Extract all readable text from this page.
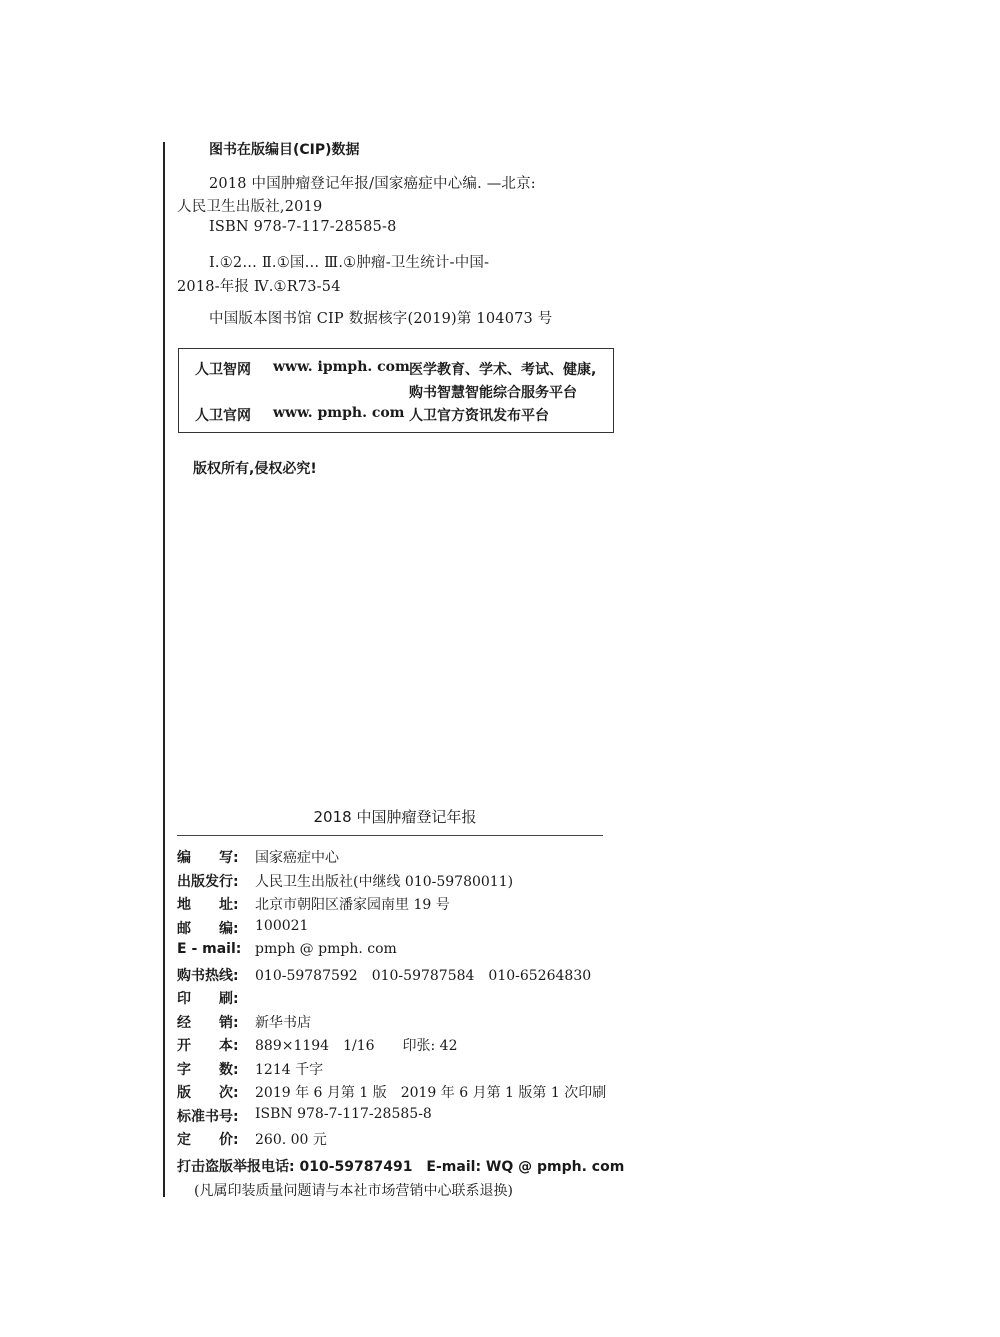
图书在版编目(CIP)数据
2018 中国肿瘤登记年报/国家癌症中心编. —北京:
人民卫生出版社,2019
ISBN 978-7-117-28585-8
Ⅰ.①2… Ⅱ.①国… Ⅲ.①肿瘤-卫生统计-中国-
2018-年报 Ⅳ.①R73-54
中国版本图书馆 CIP 数据核字(2019)第 104073 号
人卫智网 www. ipmph. com 医学教育、学术、考试、健康,
购书智慧智能综合服务平台
人卫官网 www. pmph. com 人卫官方资讯发布平台
版权所有,侵权必究!
2018 中国肿瘤登记年报
编　　写:	国家癌症中心
出版发行:	人民卫生出版社(中继线 010-59780011)
地　　址:	北京市朝阳区潘家园南里 19 号
邮　　编:	100021
E - mail: pmph @ pmph. com
购书热线:	010-59787592　010-59787584　010-65264830
印　　刷:
经　　销:	新华书店
开　　本:	889×1194　1/16　　印张: 42
字　　数:	1214 千字
版　　次:	2019 年 6 月第 1 版　2019 年 6 月第 1 版第 1 次印刷
标准书号:	ISBN 978-7-117-28585-8
定　　价:	260. 00 元
打击盗版举报电话: 010-59787491　E-mail: WQ @ pmph. com
(凡属印装质量问题请与本社市场营销中心联系退换)
